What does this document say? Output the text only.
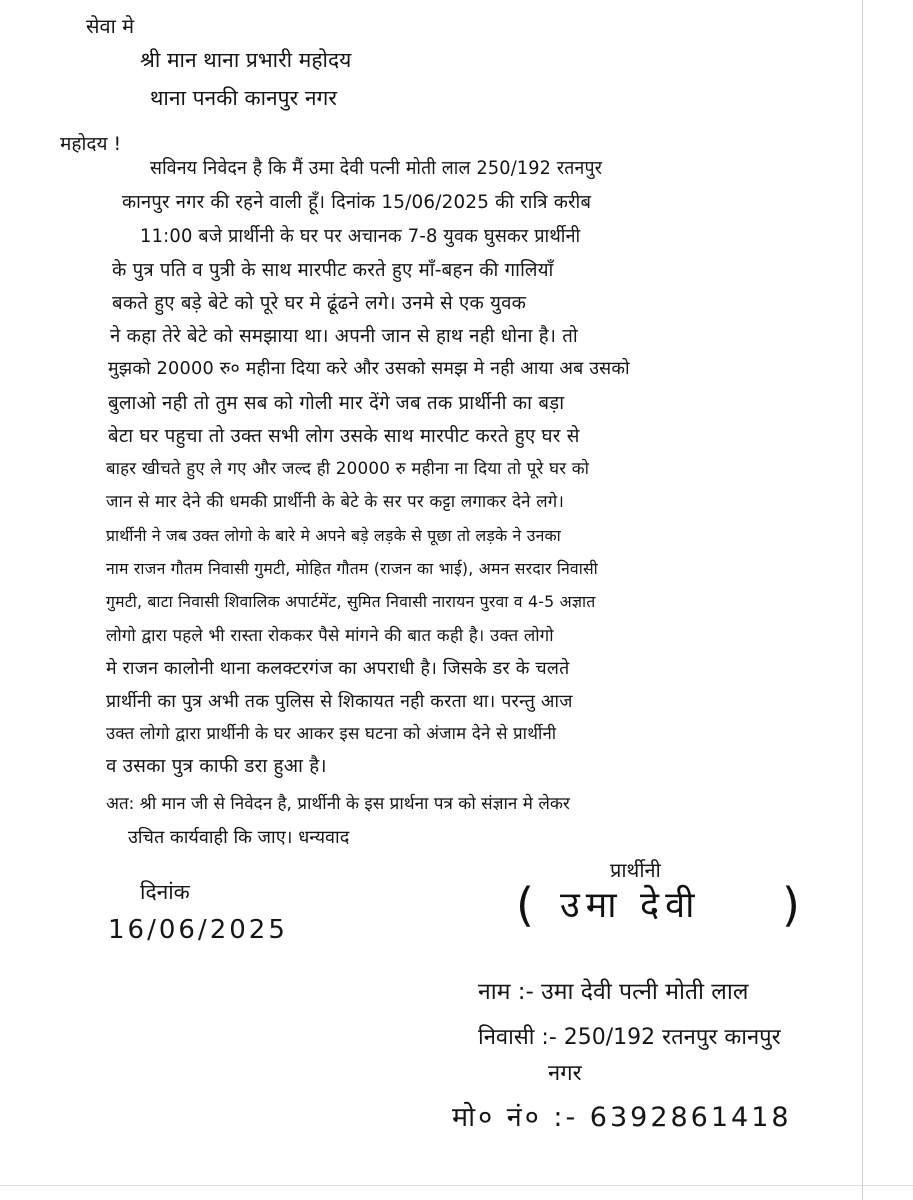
सेवा मे
श्री मान थाना प्रभारी महोदय
थाना पनकी कानपुर नगर
महोदय !
सविनय निवेदन है कि मैं उमा देवी पत्नी मोती लाल 250/192 रतनपुर
कानपुर नगर की रहने वाली हूँ। दिनांक 15/06/2025 की रात्रि करीब
11:00 बजे प्रार्थीनी के घर पर अचानक 7-8 युवक घुसकर प्रार्थीनी
के पुत्र पति व पुत्री के साथ मारपीट करते हुए माँ-बहन की गालियाँ
बकते हुए बड़े बेटे को पूरे घर मे ढूंढने लगे। उनमे से एक युवक
ने कहा तेरे बेटे को समझाया था। अपनी जान से हाथ नही धोना है। तो
मुझको 20000 रु० महीना दिया करे और उसको समझ मे नही आया अब उसको
बुलाओ नही तो तुम सब को गोली मार देंगे जब तक प्रार्थीनी का बड़ा
बेटा घर पहुचा तो उक्त सभी लोग उसके साथ मारपीट करते हुए घर से
बाहर खीचते हुए ले गए और जल्द ही 20000 रु महीना ना दिया तो पूरे घर को
जान से मार देने की धमकी प्रार्थीनी के बेटे के सर पर कट्टा लगाकर देने लगे।
प्रार्थीनी ने जब उक्त लोगो के बारे मे अपने बड़े लड़के से पूछा तो लड़के ने उनका
नाम राजन गौतम निवासी गुमटी, मोहित गौतम (राजन का भाई), अमन सरदार निवासी
गुमटी, बाटा निवासी शिवालिक अपार्टमेंट, सुमित निवासी नारायन पुरवा व 4-5 अज्ञात
लोगो द्वारा पहले भी रास्ता रोककर पैसे मांगने की बात कही है। उक्त लोगो
मे राजन कालोनी थाना कलक्टरगंज का अपराधी है। जिसके डर के चलते
प्रार्थीनी का पुत्र अभी तक पुलिस से शिकायत नही करता था। परन्तु आज
उक्त लोगो द्वारा प्रार्थीनी के घर आकर इस घटना को अंजाम देने से प्रार्थीनी
व उसका पुत्र काफी डरा हुआ है।
अत: श्री मान जी से निवेदन है, प्रार्थीनी के इस प्रार्थना पत्र को संज्ञान मे लेकर
उचित कार्यवाही कि जाए। धन्यवाद
दिनांक
16/06/2025
प्रार्थीनी
( उमा देवी )
नाम :- उमा देवी पत्नी मोती लाल
निवासी :- 250/192 रतनपुर कानपुर
नगर
मो० नं० :- 6392861418
